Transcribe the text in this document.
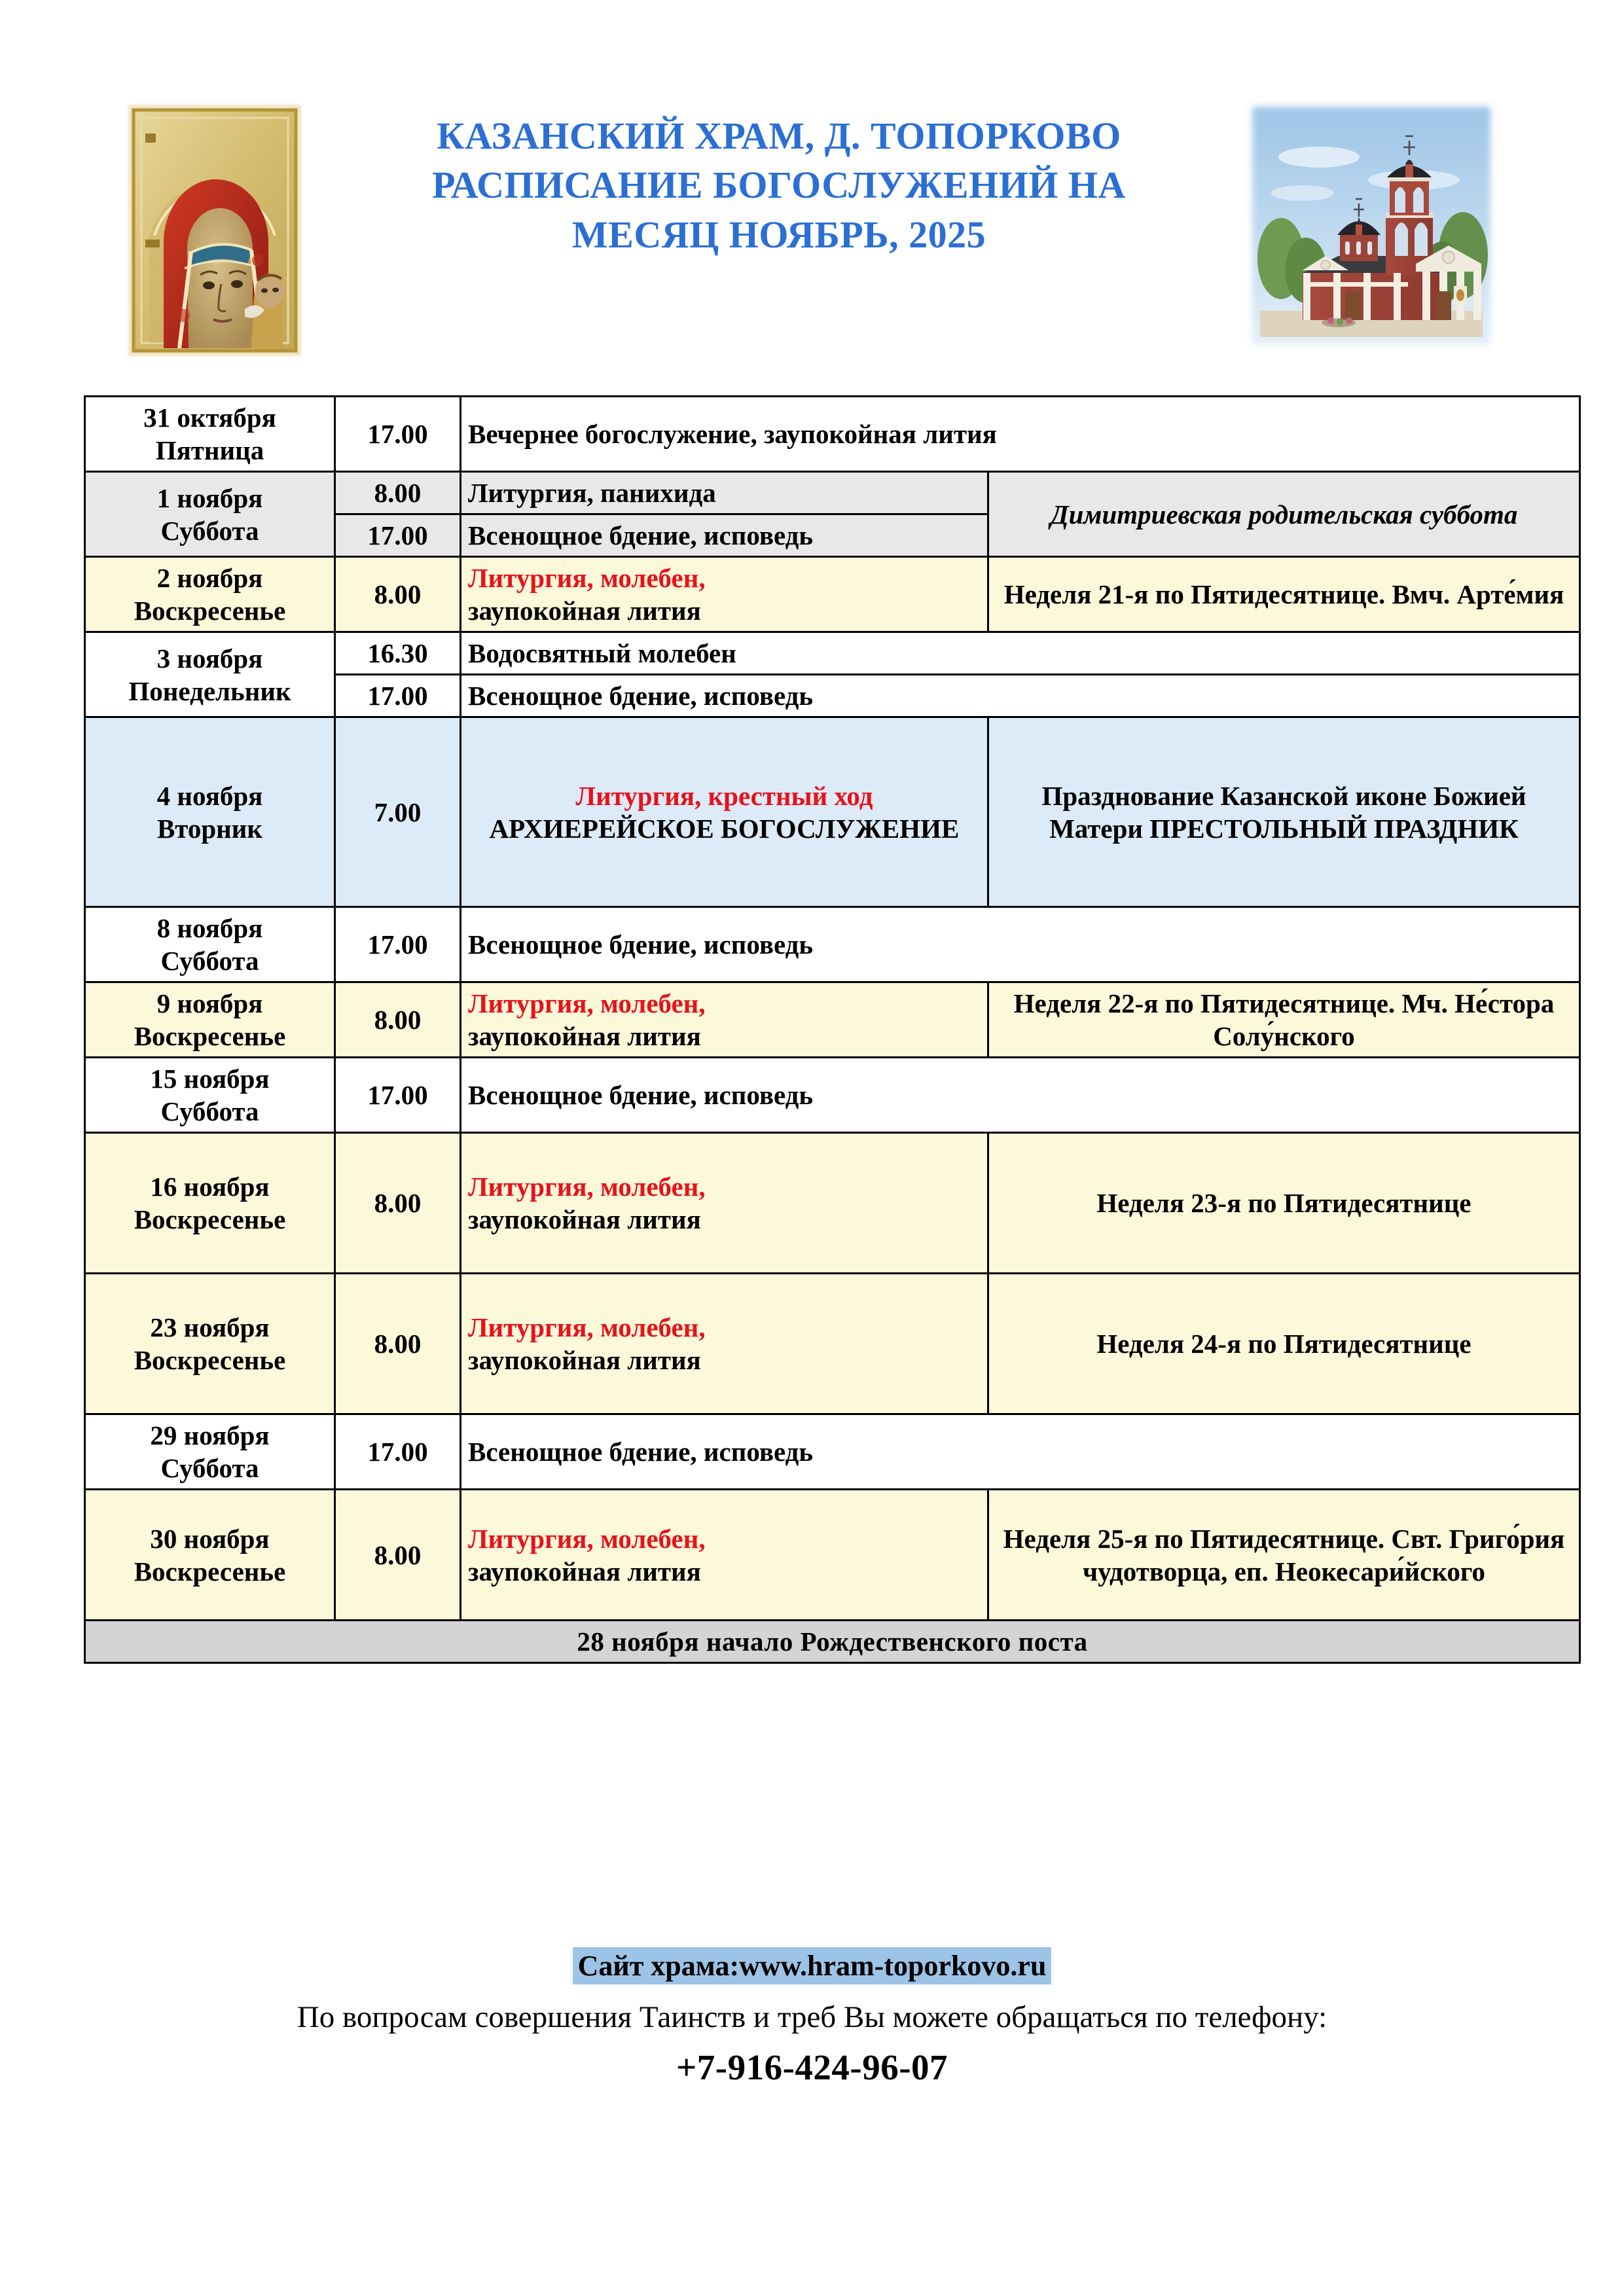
КАЗАНСКИЙ ХРАМ, Д. ТОПОРКОВО
РАСПИСАНИЕ БОГОСЛУЖЕНИЙ НА
МЕСЯЦ НОЯБРЬ, 2025
31 октября
Пятница	17.00	Вечернее богослужение, заупокойная лития	
1 ноября
Суббота	8.00	Литургия, панихида	Димитриевская родительская суббота
	17.00	Всенощное бдение, исповедь	
2 ноября
Воскресенье	8.00	Литургия, молебен,
заупокойная лития	Неделя 21-я по Пятидесятнице. Вмч. Арте́мия
3 ноября
Понедельник	16.30	Водосвятный молебен	
	17.00	Всенощное бдение, исповедь	
4 ноября
Вторник	7.00	Литургия, крестный ход
АРХИЕРЕЙСКОЕ БОГОСЛУЖЕНИЕ	Празднование Казанской иконе Божией Матери ПРЕСТОЛЬНЫЙ ПРАЗДНИК
8 ноября
Суббота	17.00	Всенощное бдение, исповедь	
9 ноября
Воскресенье	8.00	Литургия, молебен,
заупокойная лития	Неделя 22-я по Пятидесятнице. Мч. Не́стора Солу́нского
15 ноября
Суббота	17.00	Всенощное бдение, исповедь	
16 ноября
Воскресенье	8.00	Литургия, молебен,
заупокойная лития	Неделя 23-я по Пятидесятнице
23 ноября
Воскресенье	8.00	Литургия, молебен,
заупокойная лития	Неделя 24-я по Пятидесятнице
29 ноября
Суббота	17.00	Всенощное бдение, исповедь	
30 ноября
Воскресенье	8.00	Литургия, молебен,
заупокойная лития	Неделя 25-я по Пятидесятнице. Свт. Григо́рия чудотворца, еп. Неокесари́йского
28 ноября начало Рождественского поста			
Сайт храма:www.hram-toporkovo.ru
По вопросам совершения Таинств и треб Вы можете обращаться по телефону:
+7-916-424-96-07
